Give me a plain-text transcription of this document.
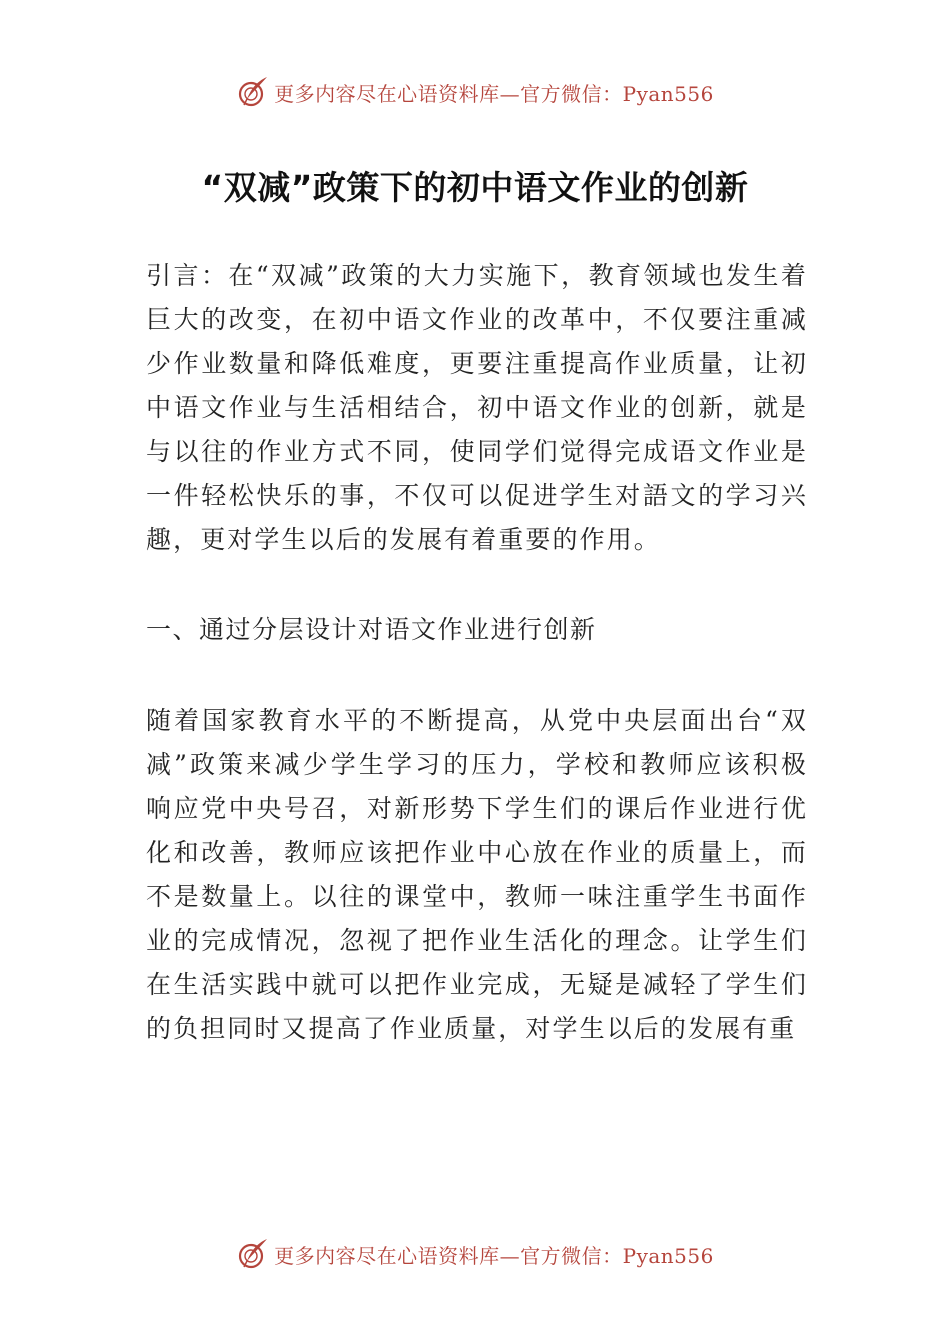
更多内容尽在心语资料库—官方微信：Pyan556
“双减”政策下的初中语文作业的创新

引言：在“双减”政策的大力实施下，教育领域也发生着巨大的改变，在初中语文作业的改革中，不仅要注重减少作业数量和降低难度，更要注重提高作业质量，让初中语文作业与生活相结合，初中语文作业的创新，就是与以往的作业方式不同，使同学们觉得完成语文作业是一件轻松快乐的事，不仅可以促进学生对語文的学习兴趣，更对学生以后的发展有着重要的作用。

一、通过分层设计对语文作业进行创新

随着国家教育水平的不断提高，从党中央层面出台“双减”政策来减少学生学习的压力，学校和教师应该积极响应党中央号召，对新形势下学生们的课后作业进行优化和改善，教师应该把作业中心放在作业的质量上，而不是数量上。以往的课堂中，教师一味注重学生书面作业的完成情况，忽视了把作业生活化的理念。让学生们在生活实践中就可以把作业完成，无疑是减轻了学生们的负担同时又提高了作业质量，对学生以后的发展有重

更多内容尽在心语资料库—官方微信：Pyan556
